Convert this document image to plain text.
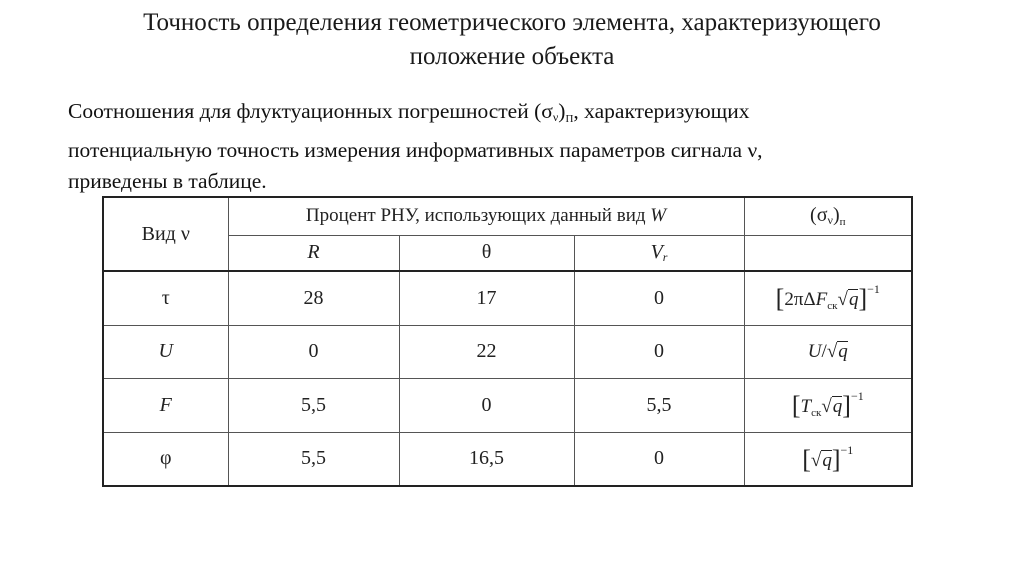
Точность определения геометрического элемента, характеризующего
положение объекта
Соотношения для флуктуационных погрешностей (σν)П, характеризующих
потенциальную точность измерения информативных параметров сигнала ν,
приведены в таблице.
Вид ν	Процент РНУ, использующих данный вид W			$(\sigma\nu)_п$
	R	θ	Vr	
τ	28	17	0	$[2\pi\Delta F_{ск}√q]^{-1}$
U	0	22	0	U/√q
F	5,5	0	5,5	$[T_{ск}√q]^{-1}$
φ	5,5	16,5	0	$[√q]^{-1}$
